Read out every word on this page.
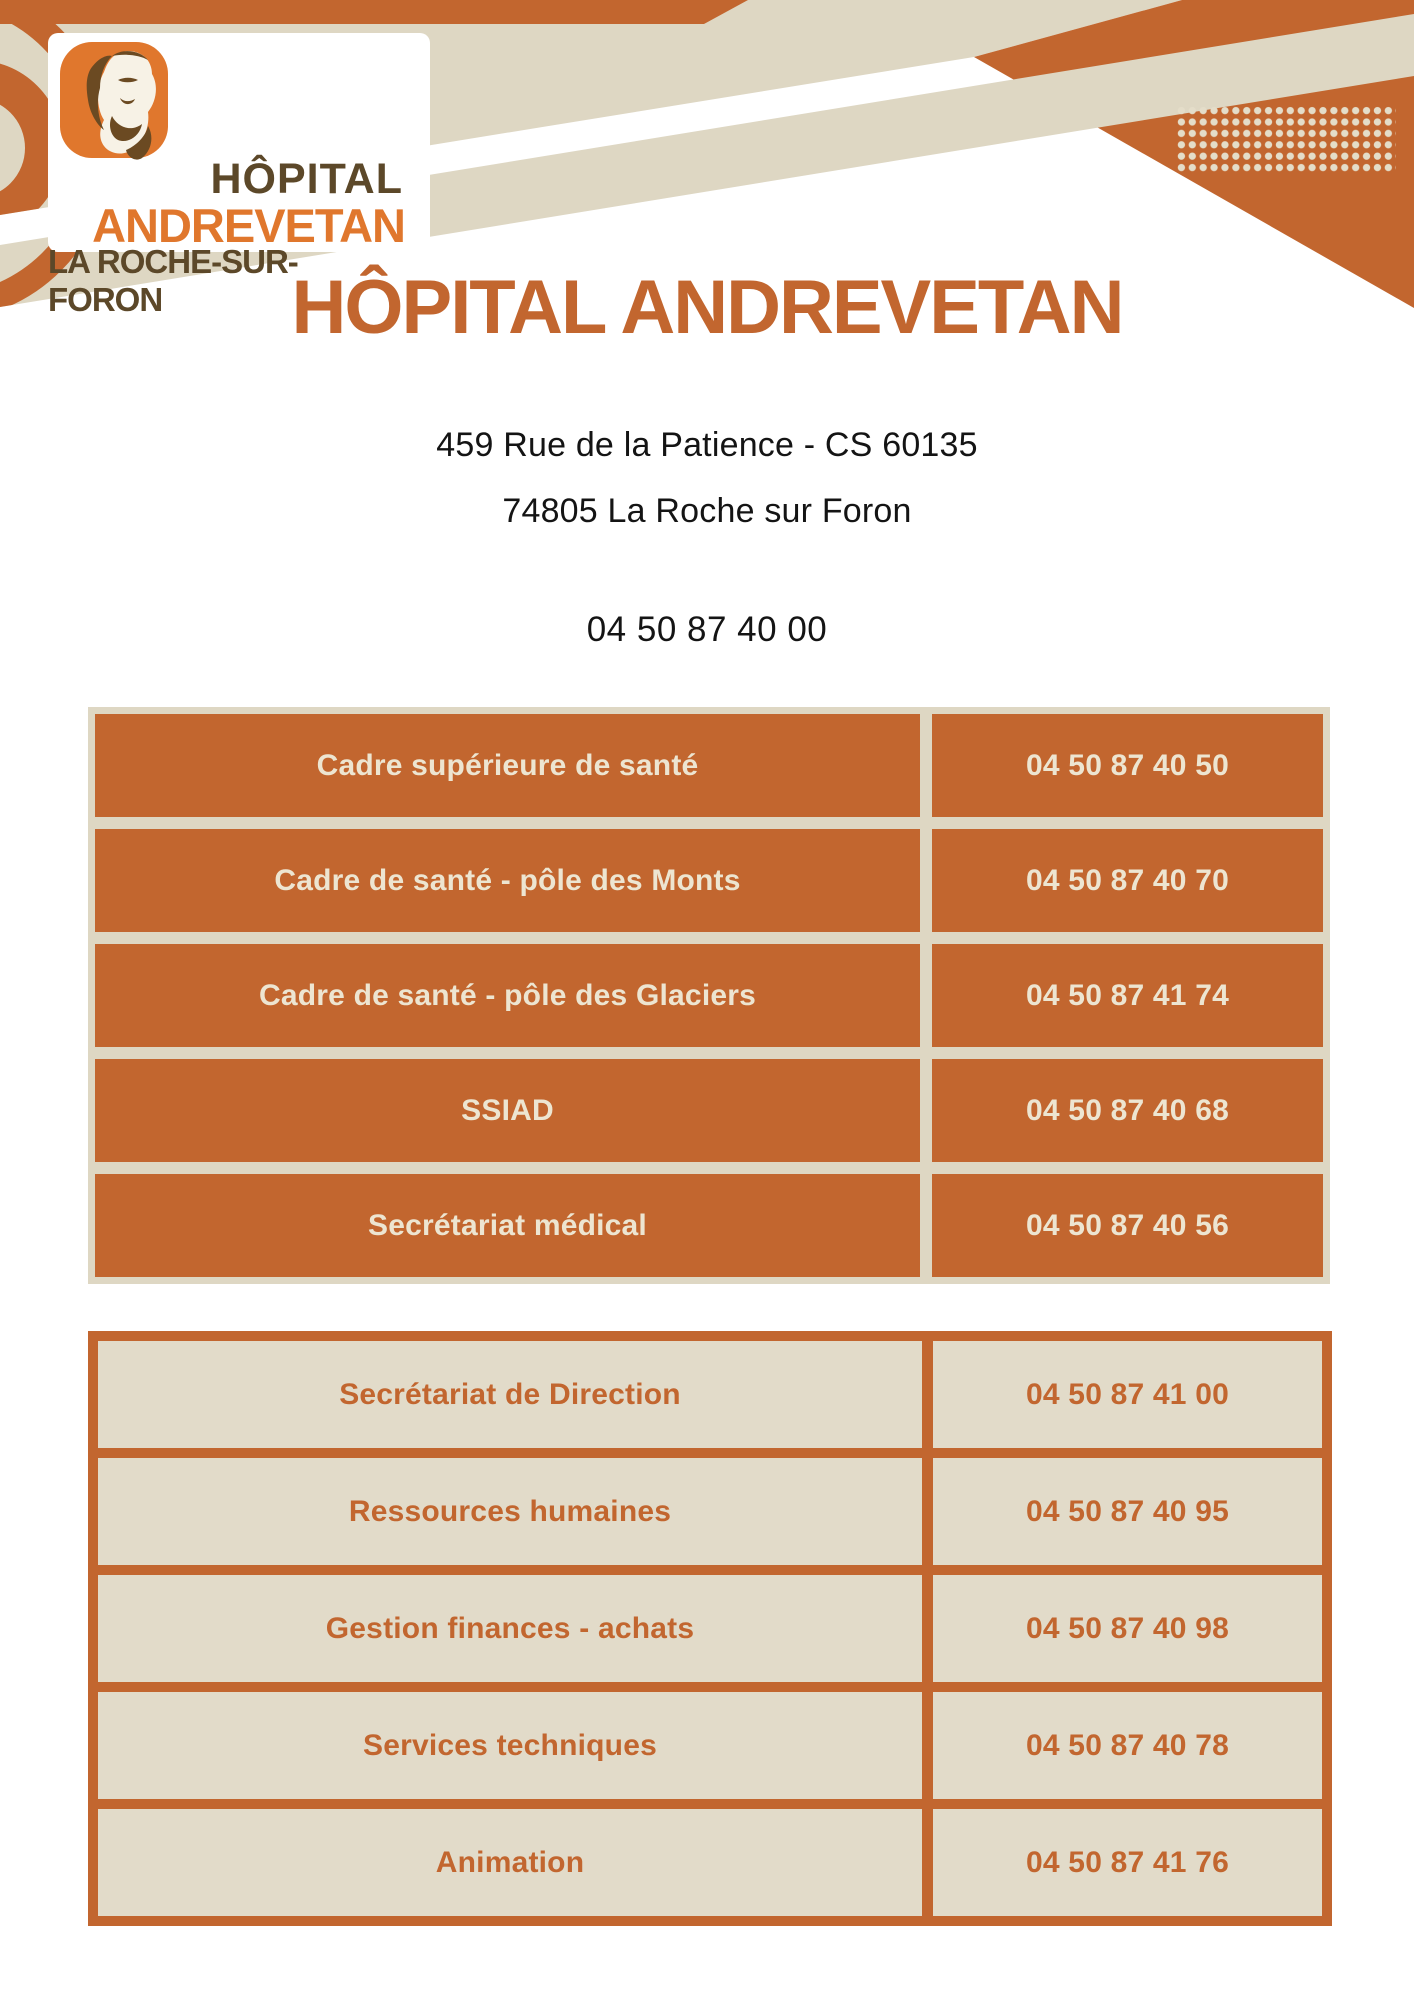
HÔPITAL
ANDREVETAN
LA ROCHE-SUR-FORON	HÔPITAL ANDREVETAN
459 Rue de la Patience - CS 60135
74805 La Roche sur Foron
04 50 87 40 00
Cadre supérieure de santé	04 50 87 40 50
Cadre de santé - pôle des Monts	04 50 87 40 70
Cadre de santé - pôle des Glaciers	04 50 87 41 74
SSIAD	04 50 87 40 68
Secrétariat médical	04 50 87 40 56
Secrétariat de Direction	04 50 87 41 00
Ressources humaines	04 50 87 40 95
Gestion finances - achats	04 50 87 40 98
Services techniques	04 50 87 40 78
Animation	04 50 87 41 76
